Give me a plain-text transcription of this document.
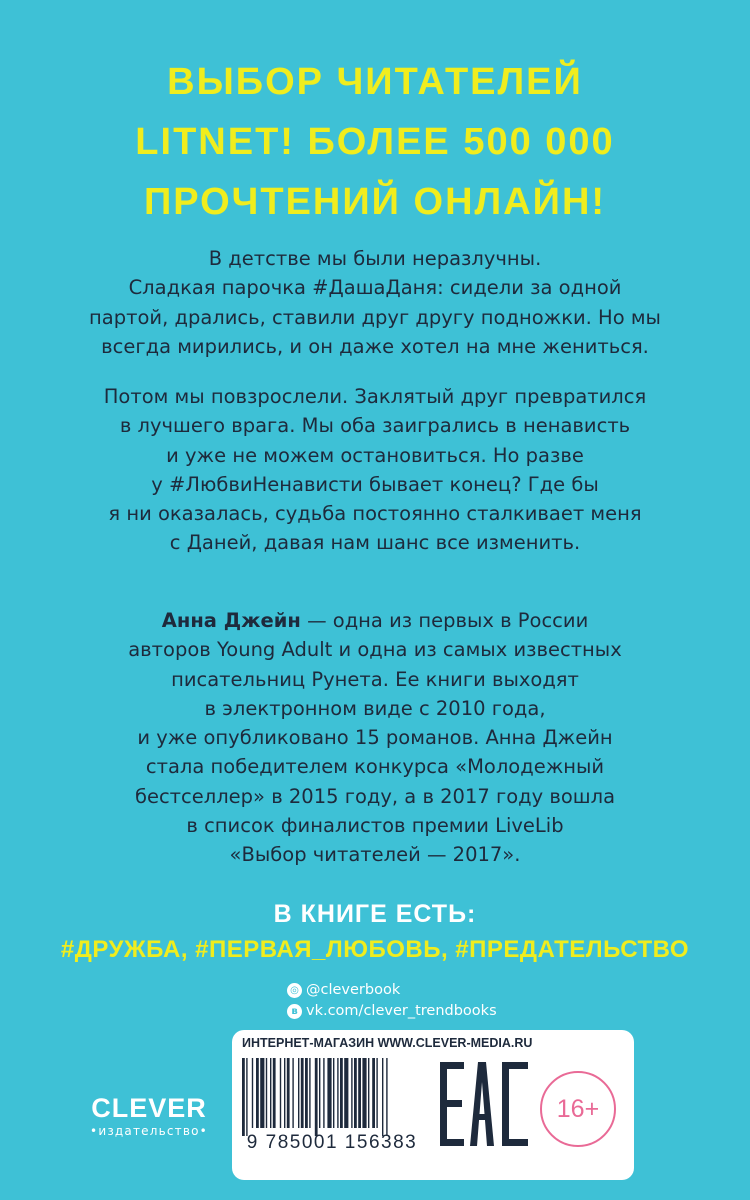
ВЫБОР ЧИТАТЕЛЕЙ
LITNET! БОЛЕЕ 500 000
ПРОЧТЕНИЙ ОНЛАЙН!
В детстве мы были неразлучны.
Сладкая парочка #ДашаДаня: сидели за одной
партой, дрались, ставили друг другу подножки. Но мы
всегда мирились, и он даже хотел на мне жениться.
Потом мы повзрослели. Заклятый друг превратился
в лучшего врага. Мы оба заигрались в ненависть
и уже не можем остановиться. Но разве
у #ЛюбвиНенависти бывает конец? Где бы
я ни оказалась, судьба постоянно сталкивает меня
с Даней, давая нам шанс все изменить.
Анна Джейн — одна из первых в России
авторов Young Adult и одна из самых известных
писательниц Рунета. Ее книги выходят
в электронном виде с 2010 года,
и уже опубликовано 15 романов. Анна Джейн
стала победителем конкурса «Молодежный
бестселлер» в 2015 году, а в 2017 году вошла
в список финалистов премии LiveLib
«Выбор читателей — 2017».
В КНИГЕ ЕСТЬ:
#ДРУЖБА, #ПЕРВАЯ_ЛЮБОВЬ, #ПРЕДАТЕЛЬСТВО
◎ @cleverbook
в vk.com/clever_trendbooks
ИНТЕРНЕТ-МАГАЗИН WWW.CLEVER-MEDIA.RU
9 785001 156383
16+
CLEVER
•издательство•
